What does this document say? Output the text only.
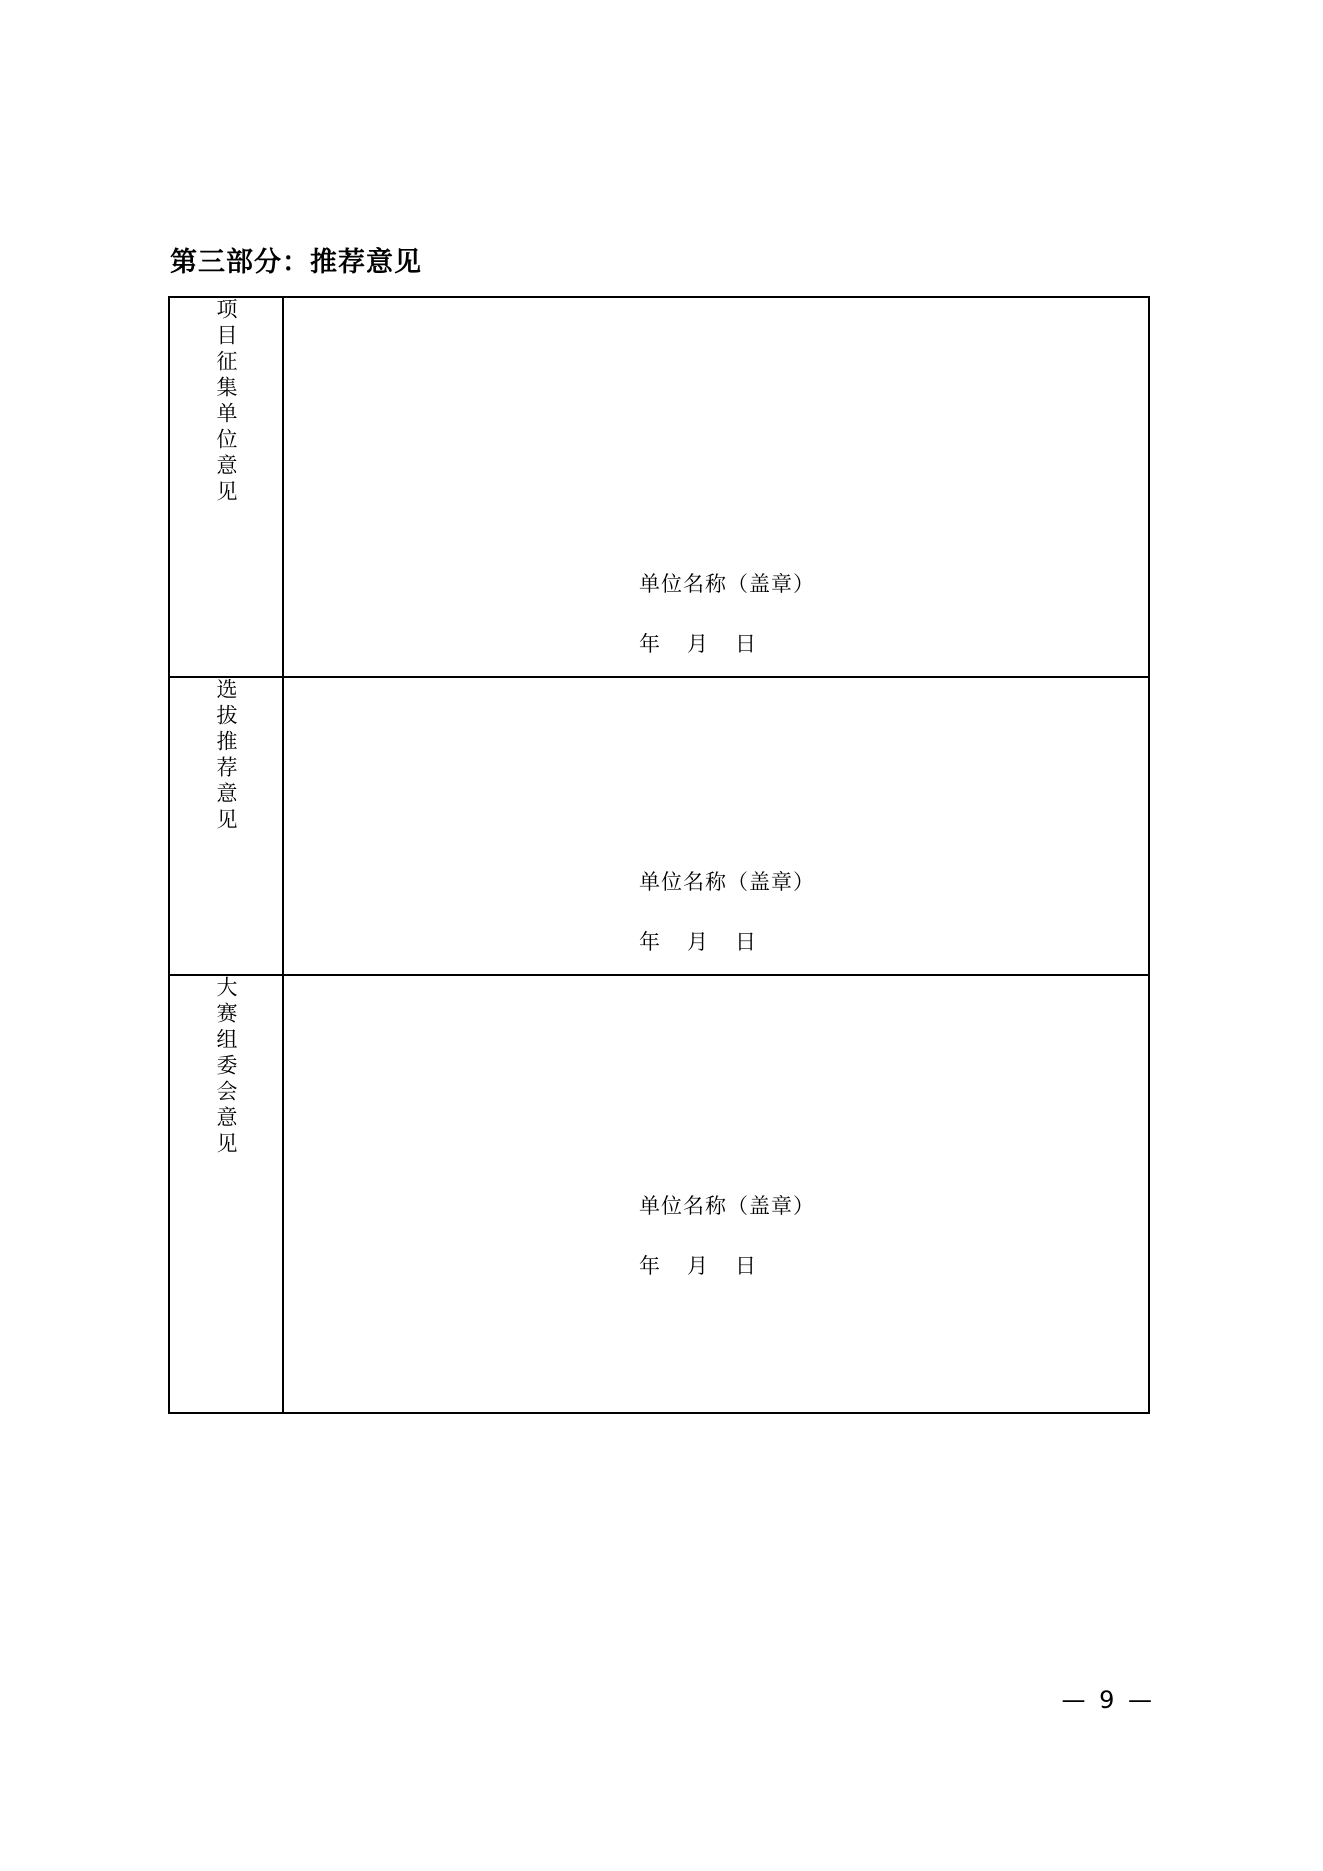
第三部分：推荐意见
项目征集单位意见	单位名称（盖章）
年 月 日

选拔推荐意见	单位名称（盖章）
年 月 日

大赛组委会意见	单位名称（盖章）
年 月 日
— 9 —
